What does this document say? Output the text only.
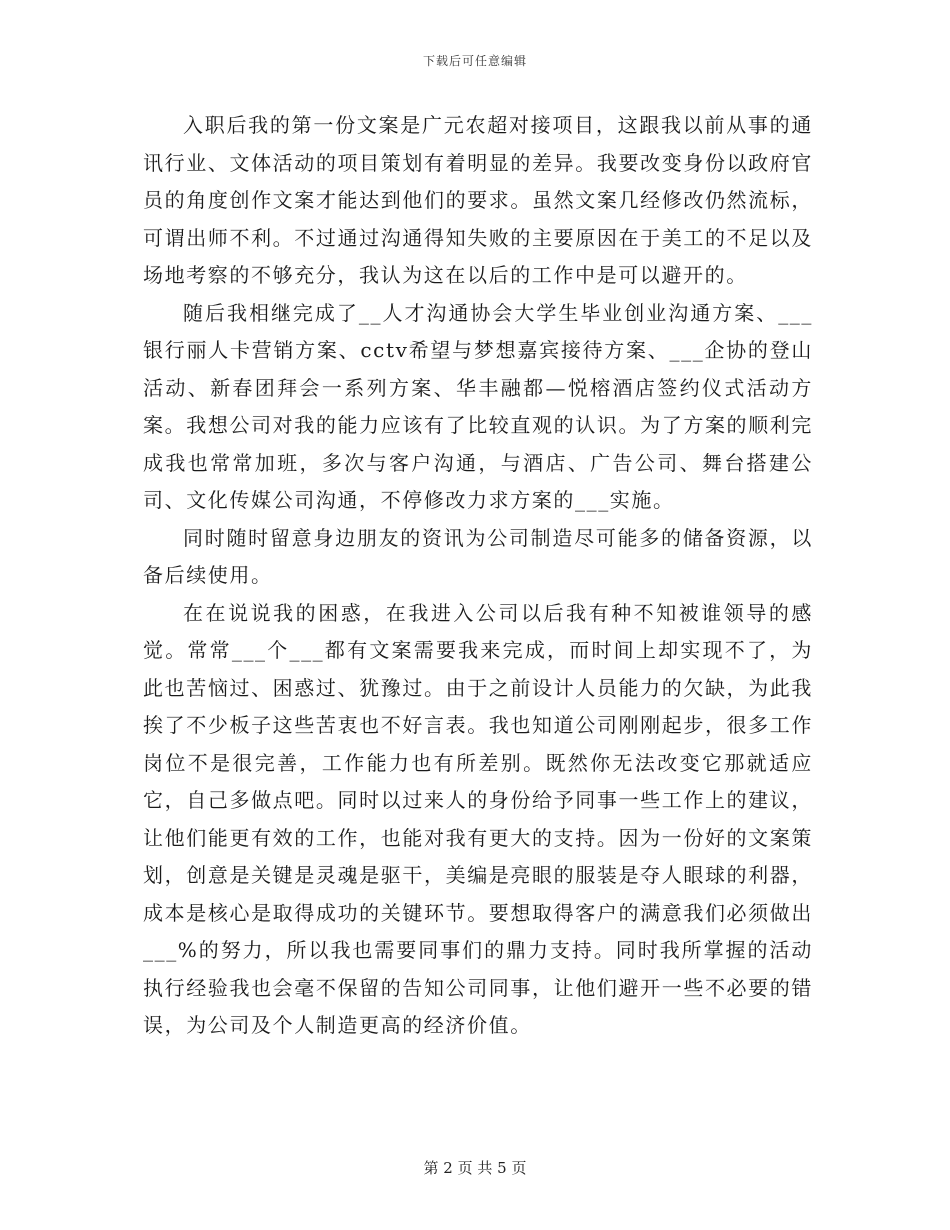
下载后可任意编辑

入职后我的第一份文案是广元农超对接项目，这跟我以前从事的通讯行业、文体活动的项目策划有着明显的差异。我要改变身份以政府官员的角度创作文案才能达到他们的要求。虽然文案几经修改仍然流标，可谓出师不利。不过通过沟通得知失败的主要原因在于美工的不足以及场地考察的不够充分，我认为这在以后的工作中是可以避开的。

随后我相继完成了__人才沟通协会大学生毕业创业沟通方案、___银行丽人卡营销方案、cctv希望与梦想嘉宾接待方案、___企协的登山活动、新春团拜会一系列方案、华丰融都—悦榕酒店签约仪式活动方案。我想公司对我的能力应该有了比较直观的认识。为了方案的顺利完成我也常常加班，多次与客户沟通，与酒店、广告公司、舞台搭建公司、文化传媒公司沟通，不停修改力求方案的___实施。

同时随时留意身边朋友的资讯为公司制造尽可能多的储备资源，以备后续使用。

在在说说我的困惑，在我进入公司以后我有种不知被谁领导的感觉。常常___个___都有文案需要我来完成，而时间上却实现不了，为此也苦恼过、困惑过、犹豫过。由于之前设计人员能力的欠缺，为此我挨了不少板子这些苦衷也不好言表。我也知道公司刚刚起步，很多工作岗位不是很完善，工作能力也有所差别。既然你无法改变它那就适应它，自己多做点吧。同时以过来人的身份给予同事一些工作上的建议，让他们能更有效的工作，也能对我有更大的支持。因为一份好的文案策划，创意是关键是灵魂是驱干，美编是亮眼的服装是夺人眼球的利器，成本是核心是取得成功的关键环节。要想取得客户的满意我们必须做出___%的努力，所以我也需要同事们的鼎力支持。同时我所掌握的活动执行经验我也会毫不保留的告知公司同事，让他们避开一些不必要的错误，为公司及个人制造更高的经济价值。

第 2 页 共 5 页
